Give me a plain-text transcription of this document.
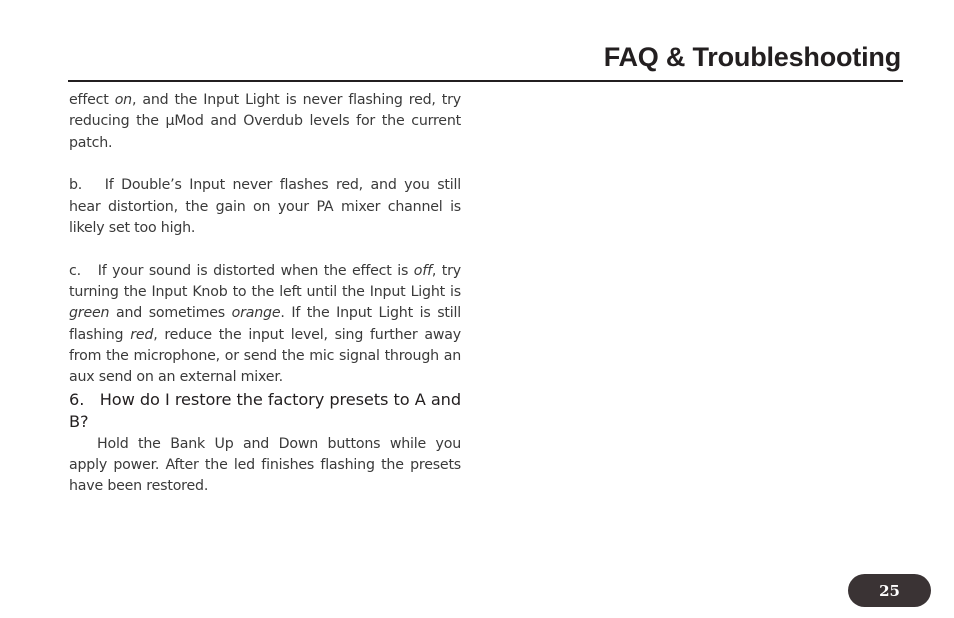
FAQ & Troubleshooting

effect on, and the Input Light is never flashing red, try reducing the µMod and Overdub levels for the current patch.

b.   If Double’s Input never flashes red, and you still hear distortion, the gain on your PA mixer channel is likely set too high.

c.   If your sound is distorted when the effect is off, try turning the Input Knob to the left until the Input Light is green and sometimes orange. If the Input Light is still flashing red, reduce the input level, sing further away from the microphone, or send the mic signal through an aux send on an external mixer.

6.   How do I restore the factory presets to A and B?

Hold the Bank Up and Down buttons while you apply power. After the led finishes flashing the presets have been restored.

25
